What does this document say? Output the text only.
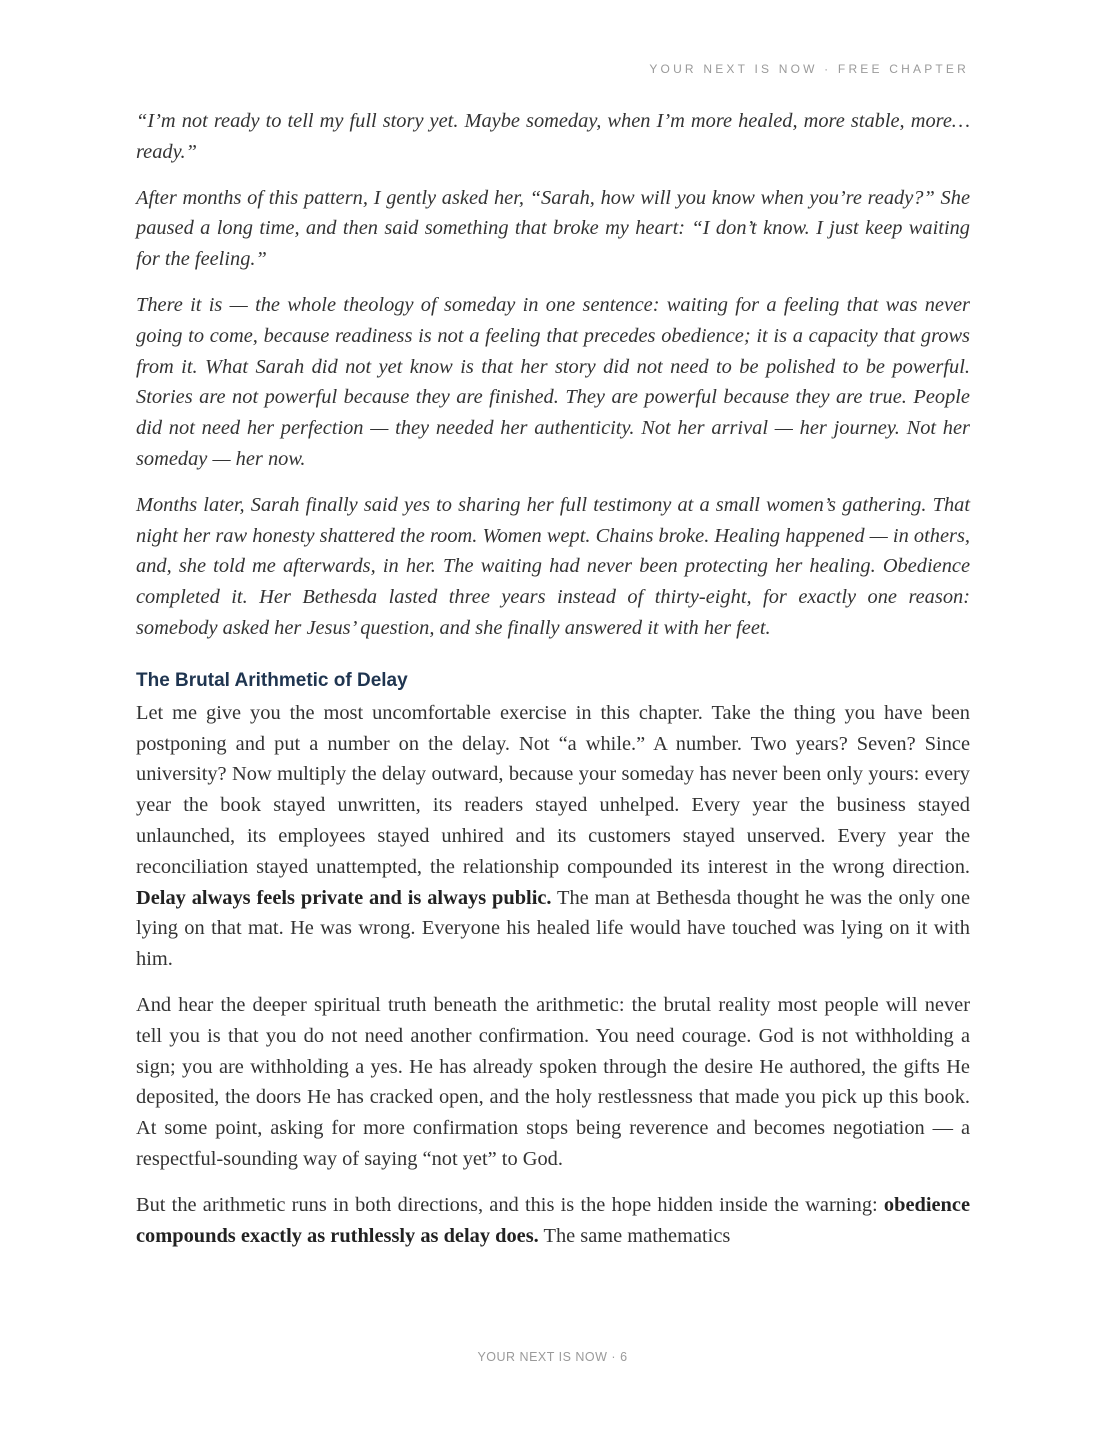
YOUR NEXT IS NOW · FREE CHAPTER

“I’m not ready to tell my full story yet. Maybe someday, when I’m more healed, more stable, more… ready.”

After months of this pattern, I gently asked her, “Sarah, how will you know when you’re ready?” She paused a long time, and then said something that broke my heart: “I don’t know. I just keep waiting for the feeling.”

There it is — the whole theology of someday in one sentence: waiting for a feeling that was never going to come, because readiness is not a feeling that precedes obedience; it is a capacity that grows from it. What Sarah did not yet know is that her story did not need to be polished to be powerful. Stories are not powerful because they are finished. They are powerful because they are true. People did not need her perfection — they needed her authenticity. Not her arrival — her journey. Not her someday — her now.

Months later, Sarah finally said yes to sharing her full testimony at a small women’s gathering. That night her raw honesty shattered the room. Women wept. Chains broke. Healing happened — in others, and, she told me afterwards, in her. The waiting had never been protecting her healing. Obedience completed it. Her Bethesda lasted three years instead of thirty-eight, for exactly one reason: somebody asked her Jesus’ question, and she finally answered it with her feet.

The Brutal Arithmetic of Delay

Let me give you the most uncomfortable exercise in this chapter. Take the thing you have been postponing and put a number on the delay. Not “a while.” A number. Two years? Seven? Since university? Now multiply the delay outward, because your someday has never been only yours: every year the book stayed unwritten, its readers stayed unhelped. Every year the business stayed unlaunched, its employees stayed unhired and its customers stayed unserved. Every year the reconciliation stayed unattempted, the relationship compounded its interest in the wrong direction. Delay always feels private and is always public. The man at Bethesda thought he was the only one lying on that mat. He was wrong. Everyone his healed life would have touched was lying on it with him.

And hear the deeper spiritual truth beneath the arithmetic: the brutal reality most people will never tell you is that you do not need another confirmation. You need courage. God is not withholding a sign; you are withholding a yes. He has already spoken through the desire He authored, the gifts He deposited, the doors He has cracked open, and the holy restlessness that made you pick up this book. At some point, asking for more confirmation stops being reverence and becomes negotiation — a respectful-sounding way of saying “not yet” to God.

But the arithmetic runs in both directions, and this is the hope hidden inside the warning: obedience compounds exactly as ruthlessly as delay does. The same mathematics

YOUR NEXT IS NOW · 6
